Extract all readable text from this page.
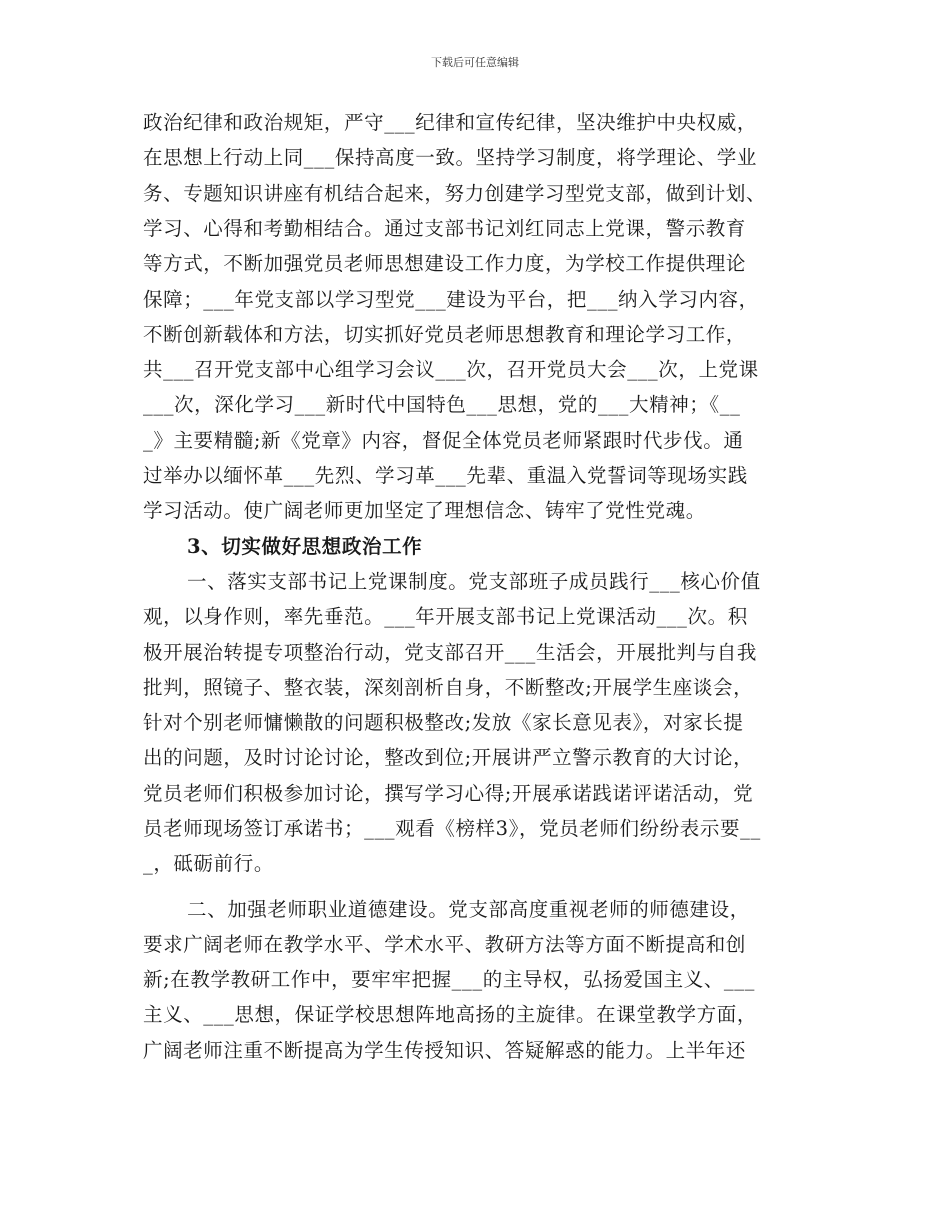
下载后可任意编辑
政治纪律和政治规矩，严守___纪律和宣传纪律，坚决维护中央权威，
在思想上行动上同___保持高度一致。坚持学习制度，将学理论、学业
务、专题知识讲座有机结合起来，努力创建学习型党支部，做到计划、
学习、心得和考勤相结合。通过支部书记刘红同志上党课，警示教育
等方式，不断加强党员老师思想建设工作力度，为学校工作提供理论
保障；___年党支部以学习型党___建设为平台，把___纳入学习内容，
不断创新载体和方法，切实抓好党员老师思想教育和理论学习工作，
共___召开党支部中心组学习会议___次，召开党员大会___次，上党课
___次，深化学习___新时代中国特色___思想，党的___大精神；《__
_》主要精髓;新《党章》内容，督促全体党员老师紧跟时代步伐。通
过举办以缅怀革___先烈、学习革___先辈、重温入党誓词等现场实践
学习活动。使广阔老师更加坚定了理想信念、铸牢了党性党魂。
3、切实做好思想政治工作
一、落实支部书记上党课制度。党支部班子成员践行___核心价值
观，以身作则，率先垂范。___年开展支部书记上党课活动___次。积
极开展治转提专项整治行动，党支部召开___生活会，开展批判与自我
批判，照镜子、整衣装，深刻剖析自身，不断整改;开展学生座谈会，
针对个别老师慵懒散的问题积极整改;发放《家长意见表》，对家长提
出的问题，及时讨论讨论，整改到位;开展讲严立警示教育的大讨论，
党员老师们积极参加讨论，撰写学习心得;开展承诺践诺评诺活动，党
员老师现场签订承诺书；___观看《榜样3》，党员老师们纷纷表示要__
_，砥砺前行。
二、加强老师职业道德建设。党支部高度重视老师的师德建设，
要求广阔老师在教学水平、学术水平、教研方法等方面不断提高和创
新;在教学教研工作中，要牢牢把握___的主导权，弘扬爱国主义、___
主义、___思想，保证学校思想阵地高扬的主旋律。在课堂教学方面，
广阔老师注重不断提高为学生传授知识、答疑解惑的能力。上半年还
